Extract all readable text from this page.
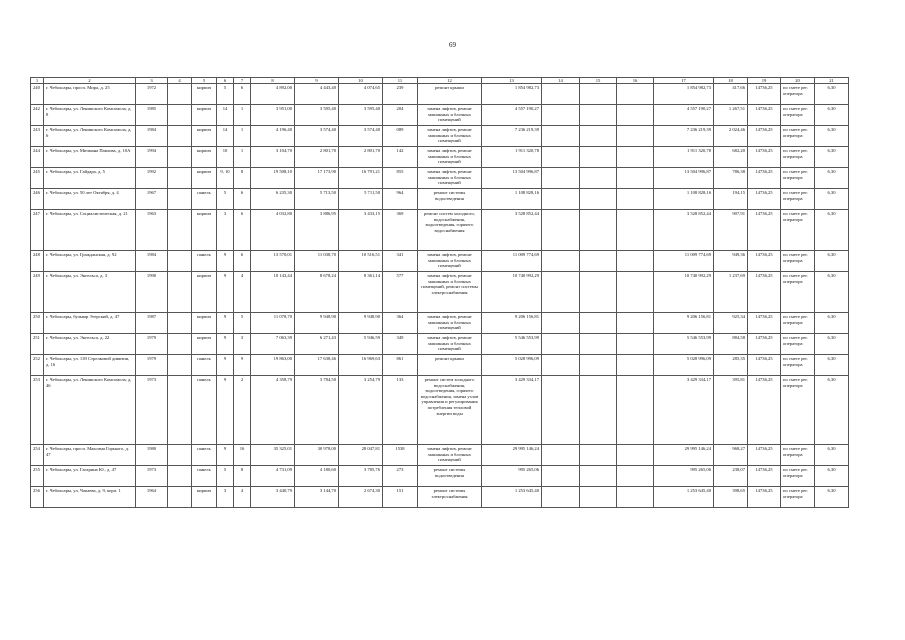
69
1	2	3	4	5	6	7	8	9	10	11	12	13	14	15	16	17	18	19	20	21
240	г. Чебоксары, просп. Мира, д. 25	1972		кирпич	5	6	4 892,00	4 443,40	4 074,65	239	ремонт крыши	1 854 982,73				1 854 982,73	417,66	14736,25	по смете рег. оператора	6,30
242	г. Чебоксары, ул. Ленинского Комсомола, д. 8	1985		кирпич	14	1	3 951,00	3 595,40	3 595,40	204	замена лифтов, ремонт машинных и блочных помещений	4 557 190,27				4 557 190,27	1 267,51	14736,25	по смете рег. оператора	6,30
243	г. Чебоксары, ул. Ленинского Комсомола, д. 6	1984		кирпич	14	1	4 196,40	3 574,40	3 574,40	089	замена лифтов, ремонт машинных и блочных помещений	7 236 219,39				7 236 219,39	2 024,46	14736,25	по смете рег. оператора	6,30
244	г. Чебоксары, ул. Мичмана Павлова, д. 10А	1994		кирпич	10	1	3 104,70	2 801,70	2 801,70	142	замена лифтов, ремонт машинных и блочных помещений	1 911 320,78				1 911 320,78	682,20	14736,25	по смете рег. оператора	6,30
245	г. Чебоксары, ул. Гайдара, д. 5	1992		кирпич	9, 10	8	19 508,10	17 173,90	16 791,21	855	замена лифтов, ремонт машинных и блочных помещений	13 504 996,87				13 504 996,87	786,38	14736,25	по смете рег. оператора	6,30
246	г. Чебоксары, ул. 50 лет Октября, д. 4	1967		панель	5	6	6 235,30	5 713,50	5 711,50	964	ремонт системы водоотведения	1 108 828,16				1 108 828,16	194,15	14736,25	по смете рег. оператора	6,30
247	г. Чебоксары, ул. Социалистическая, д. 21	1963		кирпич	3	6	4 032,80	3 886,95	3 433,15	369	ремонт систем холодного, водоснабжения, водоотведения, горячего водоснабжения	3 528 852,44				3 528 852,44	907,91	14736,25	по смете рег. оператора	6,30
248	г. Чебоксары, ул. Гражданская, д. 92	1984		панель	9	6	13 570,01	11 038,70	10 516,51	341	замена лифтов, ремонт машинных и блочных помещений	11 009 774,69				11 009 774,69	949,36	14736,25	по смете рег. оператора	6,30
249	г. Чебоксары, ул. Энгельса, д. 3	1990		кирпич	9	4	10 143,44	8 678,24	8 361,14	577	замена лифтов, ремонт машинных и блочных помещений, ремонт системы электроснабжения	10 740 992,29				10 740 992,29	1 237,69	14736,25	по смете рег. оператора	6,30
250	г. Чебоксары, бульвар Эгерский, д. 47	1987		кирпич	9	5	11 078,70	9 948,90	9 948,90	364	замена лифтов, ремонт машинных и блочных помещений	9 206 156,81				9 206 156,81	925,34	14736,25	по смете рег. оператора	6,30
251	г. Чебоксары, ул. Энгельса, д. 22	1979		кирпич	9	3	7 063,39	6 271,43	5 946,59	349	замена лифтов, ремонт машинных и блочных помещений	5 546 553,99				5 546 553,99	884,58	14736,25	по смете рег. оператора	6,30
252	г. Чебоксары, ул. 139 Стрелковой дивизии, д. 16	1979		панель	9	9	19 863,00	17 638,46	16 969,63	861	ремонт крыши	5 028 996,09				5 028 996,09	285,35	14736,25	по смете рег. оператора	6,30
253	г. Чебоксары, ул. Ленинского Комсомола, д. 46	1973		панель	9	2	4 358,79	3 784,50	3 254,79	133	ремонт систем холодного водоснабжения, водоотведения, горячего водоснабжения, замена узлов управления и регулирования потребления тепловой энергии воды	3 429 334,17				3 429 334,17	395,81	14736,25	по смете рег. оператора	6,30
254	г. Чебоксары, просп. Максима Горького, д. 47	1980		панель	9	16	35 325,01	30 978,00	28 047,81	1538	замена лифтов, ремонт машинных и блочных помещений	29 995 146,24				29 995 146,24	968,27	14736,25	по смете рег. оператора	6,30
255	г. Чебоксары, ул. Гагарина Ю., д. 47	1973		панель	5	8	4 731,09	4 180,60	3 785,76	273	ремонт системы водоотведения	995 265,06				995 265,06	238,07	14736,25	по смете рег. оператора	6,30
256	г. Чебоксары, ул. Чапаева, д. 9, корп. 1	1964		кирпич	3	4	3 440,79	3 144,70	2 674,30	151	ремонт системы электроснабжения	1 253 645,40				1 253 645,40	398,65	14736,25	по смете рег. оператора	6,30
